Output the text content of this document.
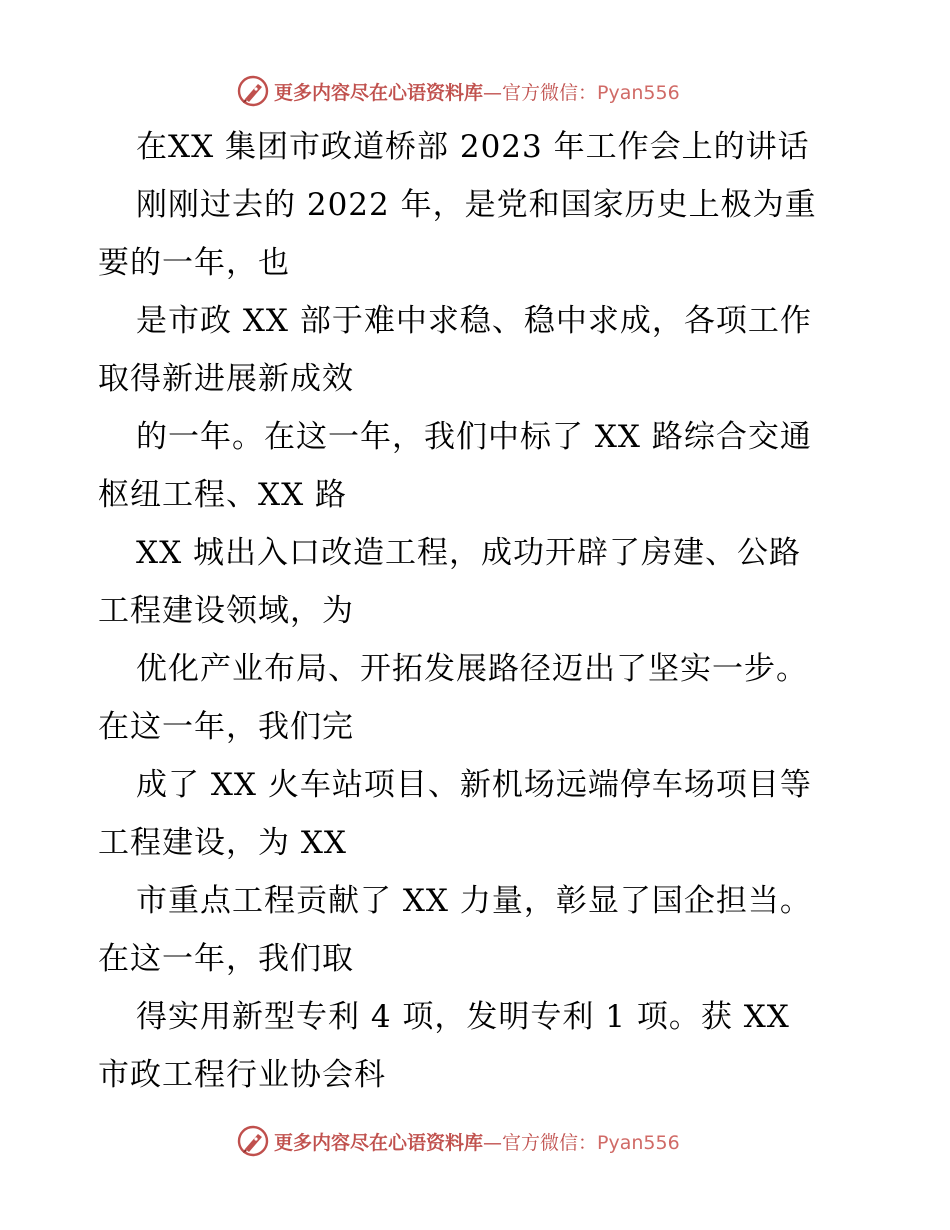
更多内容尽在心语资料库—官方微信：Pyan556
在XX 集团市政道桥部 2023 年工作会上的讲话
刚刚过去的 2022 年，是党和国家历史上极为重
要的一年，也
是市政 XX 部于难中求稳、稳中求成，各项工作
取得新进展新成效
的一年。在这一年，我们中标了 XX 路综合交通
枢纽工程、XX 路
XX 城出入口改造工程，成功开辟了房建、公路
工程建设领域，为
优化产业布局、开拓发展路径迈出了坚实一步。
在这一年，我们完
成了 XX 火车站项目、新机场远端停车场项目等
工程建设，为 XX
市重点工程贡献了 XX 力量，彰显了国企担当。
在这一年，我们取
得实用新型专利 4 项，发明专利 1 项。获 XX
市政工程行业协会科
更多内容尽在心语资料库—官方微信：Pyan556
